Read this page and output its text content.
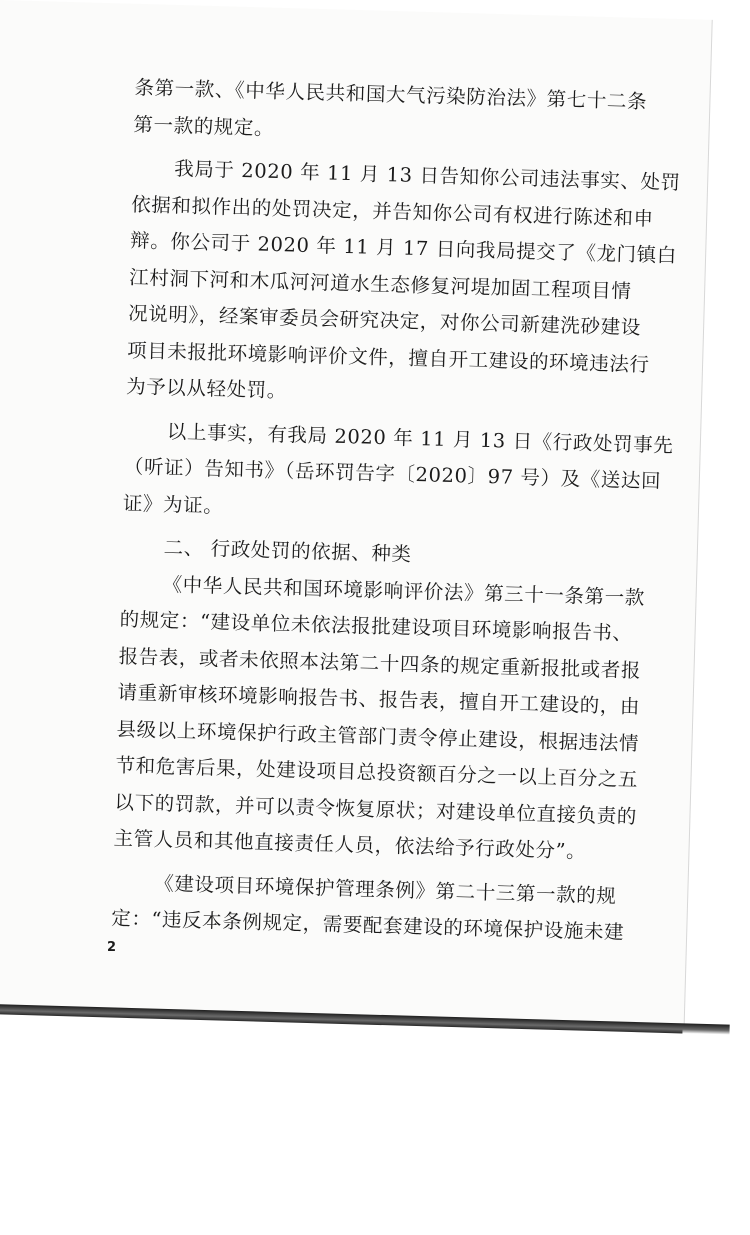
条第一款、《中华人民共和国大气污染防治法》第七十二条
第一款的规定。
我局于 2020 年 11 月 13 日告知你公司违法事实、处罚
依据和拟作出的处罚决定，并告知你公司有权进行陈述和申
辩。你公司于 2020 年 11 月 17 日向我局提交了《龙门镇白
江村洞下河和木瓜河河道水生态修复河堤加固工程项目情
况说明》，经案审委员会研究决定，对你公司新建洗砂建设
项目未报批环境影响评价文件，擅自开工建设的环境违法行
为予以从轻处罚。
以上事实，有我局 2020 年 11 月 13 日《行政处罚事先
（听证）告知书》（岳环罚告字〔2020〕97 号）及《送达回
证》为证。
二、 行政处罚的依据、种类
《中华人民共和国环境影响评价法》第三十一条第一款
的规定：“建设单位未依法报批建设项目环境影响报告书、
报告表，或者未依照本法第二十四条的规定重新报批或者报
请重新审核环境影响报告书、报告表，擅自开工建设的，由
县级以上环境保护行政主管部门责令停止建设，根据违法情
节和危害后果，处建设项目总投资额百分之一以上百分之五
以下的罚款，并可以责令恢复原状；对建设单位直接负责的
主管人员和其他直接责任人员，依法给予行政处分”。
《建设项目环境保护管理条例》第二十三第一款的规
定：“违反本条例规定，需要配套建设的环境保护设施未建
2
